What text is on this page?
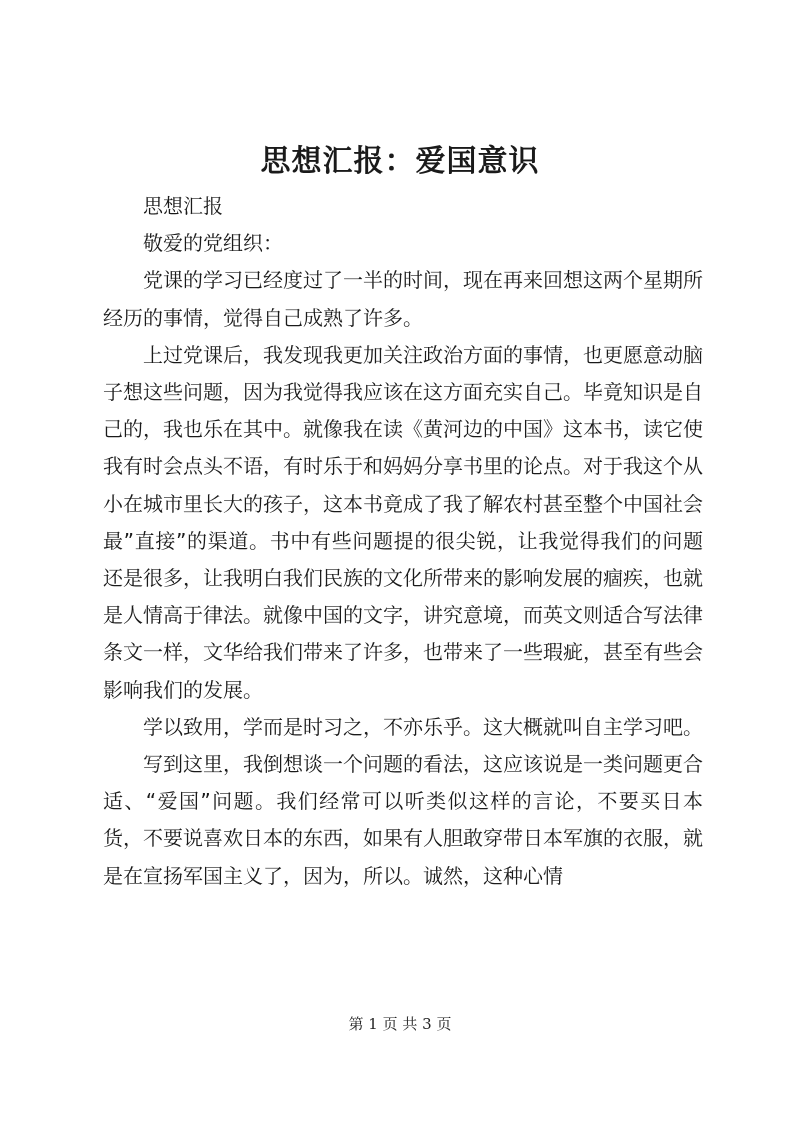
思想汇报：爱国意识

思想汇报

敬爱的党组织：

党课的学习已经度过了一半的时间，现在再来回想这两个星期所经历的事情，觉得自己成熟了许多。

上过党课后，我发现我更加关注政治方面的事情，也更愿意动脑子想这些问题，因为我觉得我应该在这方面充实自己。毕竟知识是自己的，我也乐在其中。就像我在读《黄河边的中国》这本书，读它使我有时会点头不语，有时乐于和妈妈分享书里的论点。对于我这个从小在城市里长大的孩子，这本书竟成了我了解农村甚至整个中国社会最”直接”的渠道。书中有些问题提的很尖锐，让我觉得我们的问题还是很多，让我明白我们民族的文化所带来的影响发展的痼疾，也就是人情高于律法。就像中国的文字，讲究意境，而英文则适合写法律条文一样，文华给我们带来了许多，也带来了一些瑕疵，甚至有些会影响我们的发展。

学以致用，学而是时习之，不亦乐乎。这大概就叫自主学习吧。

写到这里，我倒想谈一个问题的看法，这应该说是一类问题更合适、“爱国”问题。我们经常可以听类似这样的言论，不要买日本货，不要说喜欢日本的东西，如果有人胆敢穿带日本军旗的衣服，就是在宣扬军国主义了，因为，所以。诚然，这种心情

第 1 页 共 3 页
